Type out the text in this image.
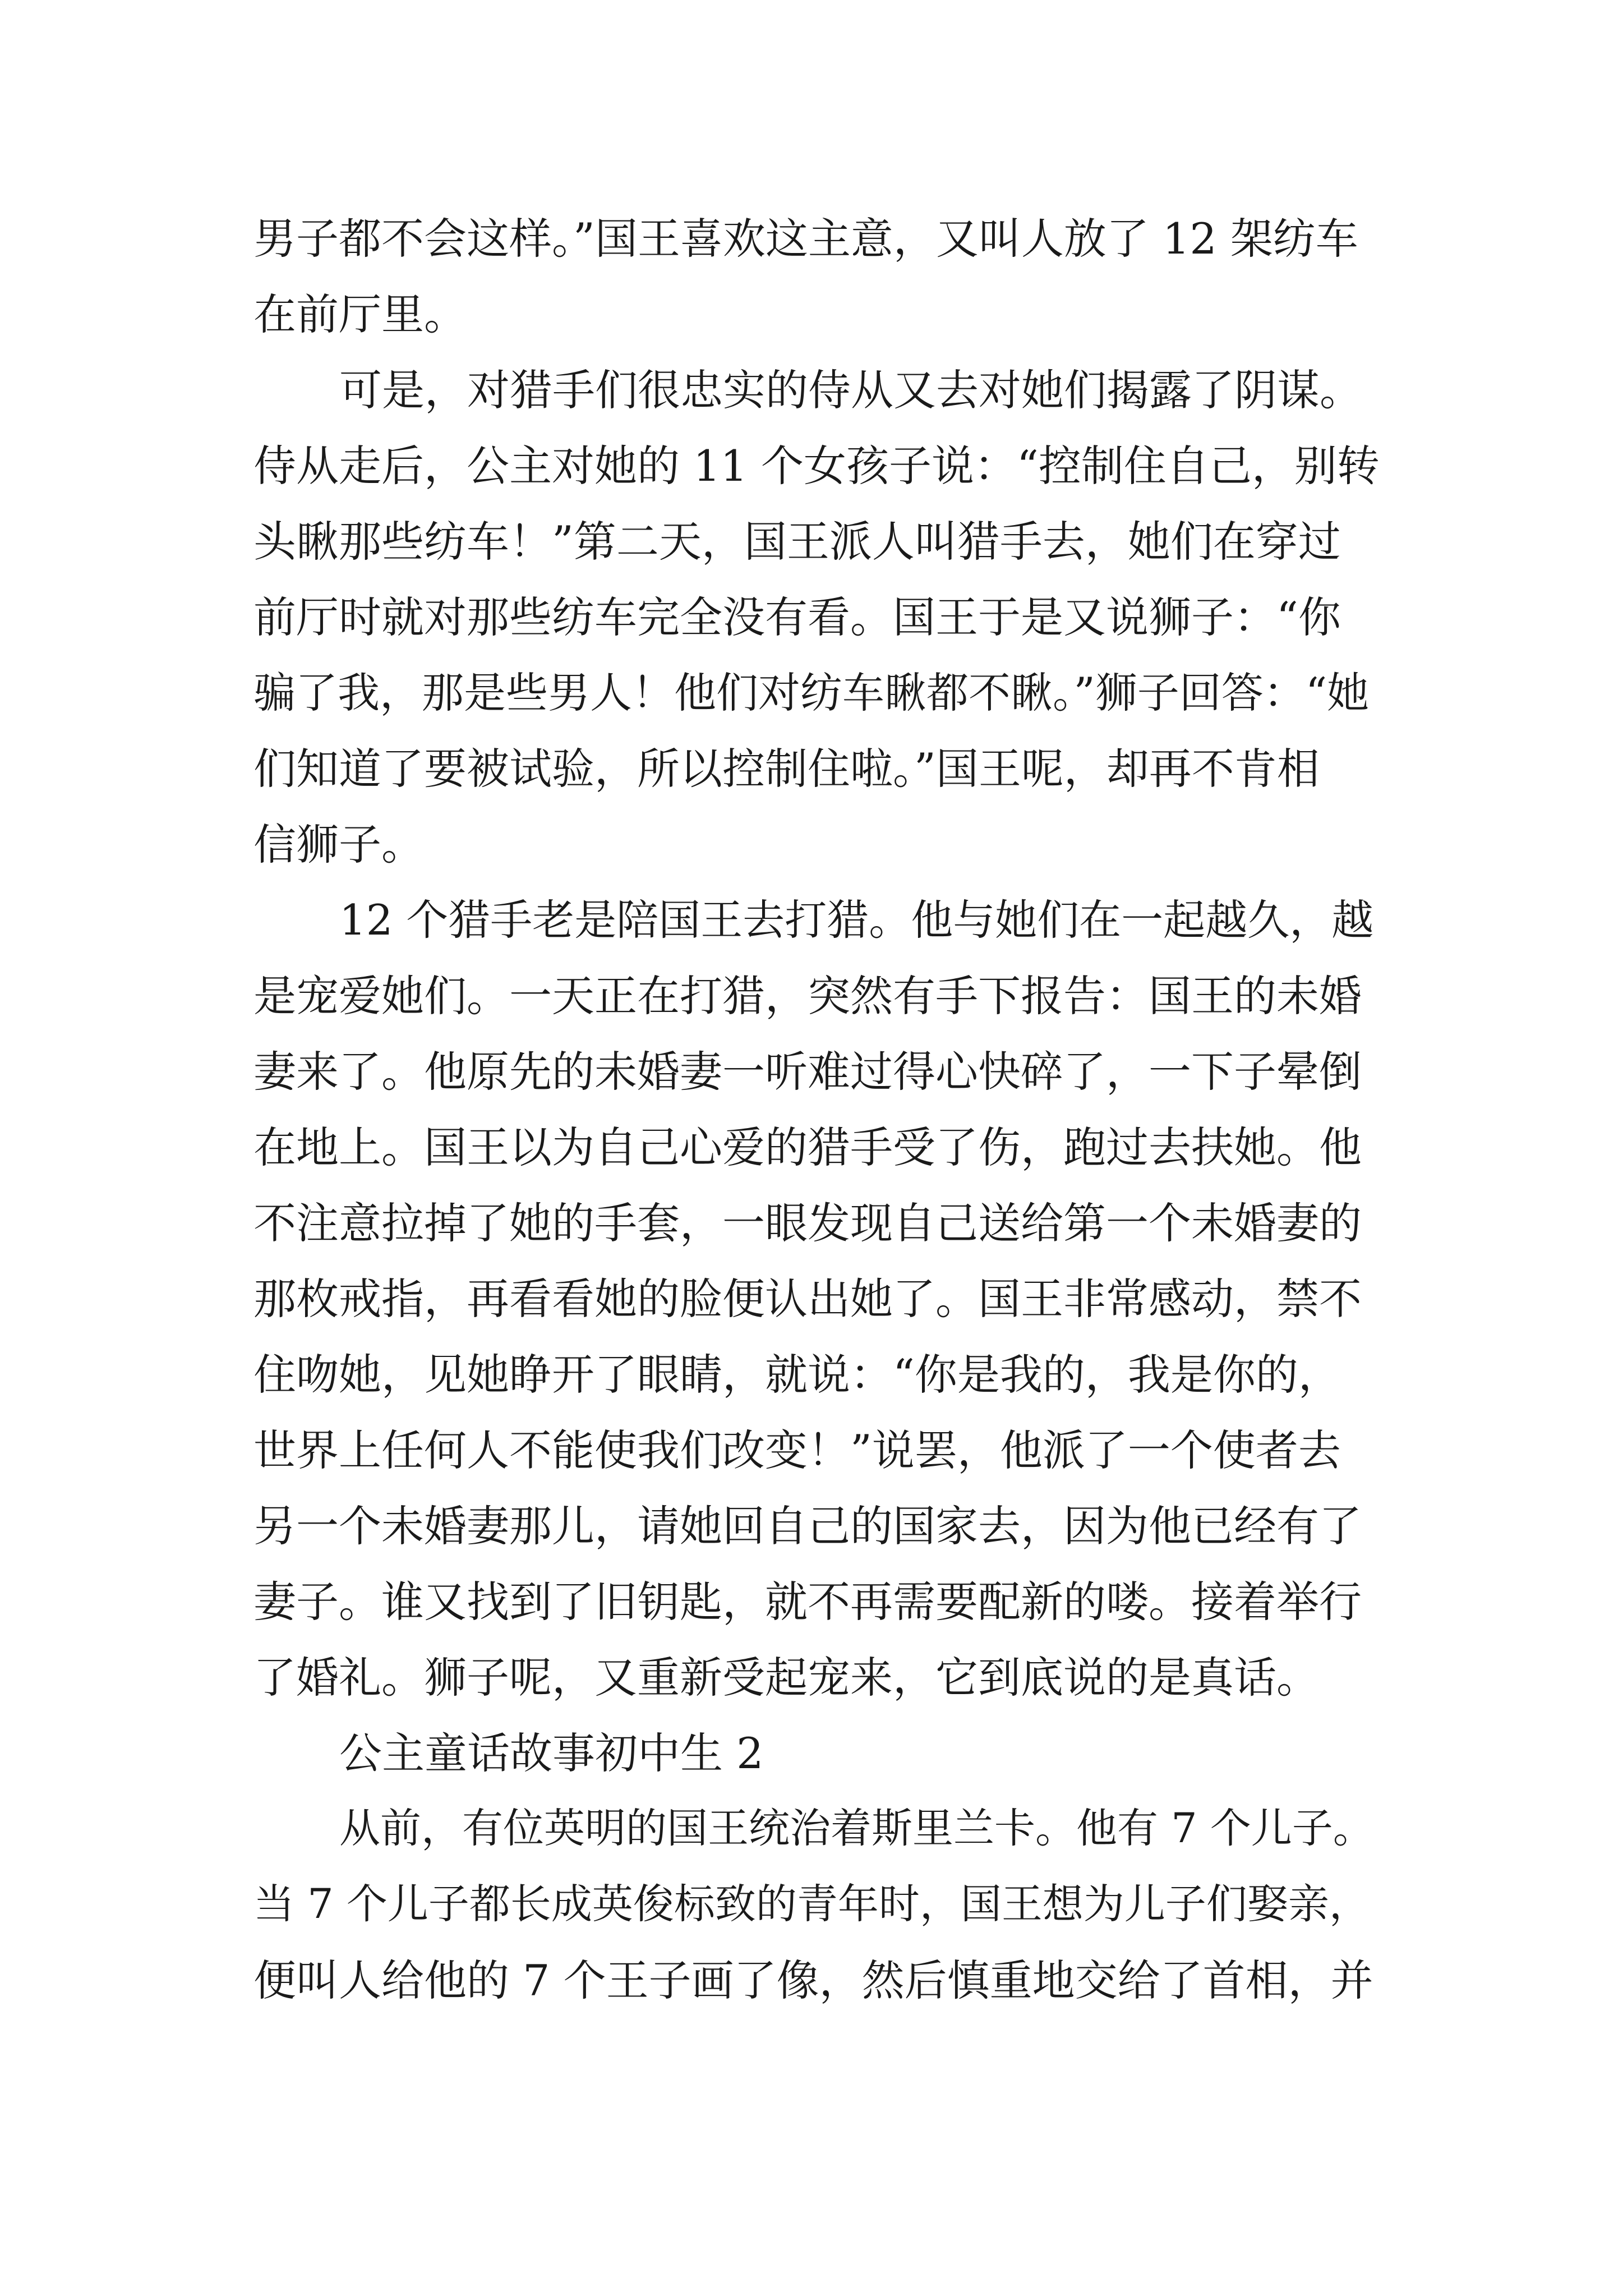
男子都不会这样。”国王喜欢这主意，又叫人放了 12 架纺车
在前厅里。
可是，对猎手们很忠实的侍从又去对她们揭露了阴谋。
侍从走后，公主对她的 11 个女孩子说：“控制住自己，别转
头瞅那些纺车！”第二天，国王派人叫猎手去，她们在穿过
前厅时就对那些纺车完全没有看。国王于是又说狮子：“你
骗了我，那是些男人！他们对纺车瞅都不瞅。”狮子回答：“她
们知道了要被试验，所以控制住啦。”国王呢，却再不肯相
信狮子。
12 个猎手老是陪国王去打猎。他与她们在一起越久，越
是宠爱她们。一天正在打猎，突然有手下报告：国王的未婚
妻来了。他原先的未婚妻一听难过得心快碎了，一下子晕倒
在地上。国王以为自己心爱的猎手受了伤，跑过去扶她。他
不注意拉掉了她的手套，一眼发现自己送给第一个未婚妻的
那枚戒指，再看看她的脸便认出她了。国王非常感动，禁不
住吻她，见她睁开了眼睛，就说：“你是我的，我是你的，
世界上任何人不能使我们改变！”说罢，他派了一个使者去
另一个未婚妻那儿，请她回自己的国家去，因为他已经有了
妻子。谁又找到了旧钥匙，就不再需要配新的喽。接着举行
了婚礼。狮子呢，又重新受起宠来，它到底说的是真话。
公主童话故事初中生 2
从前，有位英明的国王统治着斯里兰卡。他有 7 个儿子。
当 7 个儿子都长成英俊标致的青年时，国王想为儿子们娶亲，
便叫人给他的 7 个王子画了像，然后慎重地交给了首相，并
